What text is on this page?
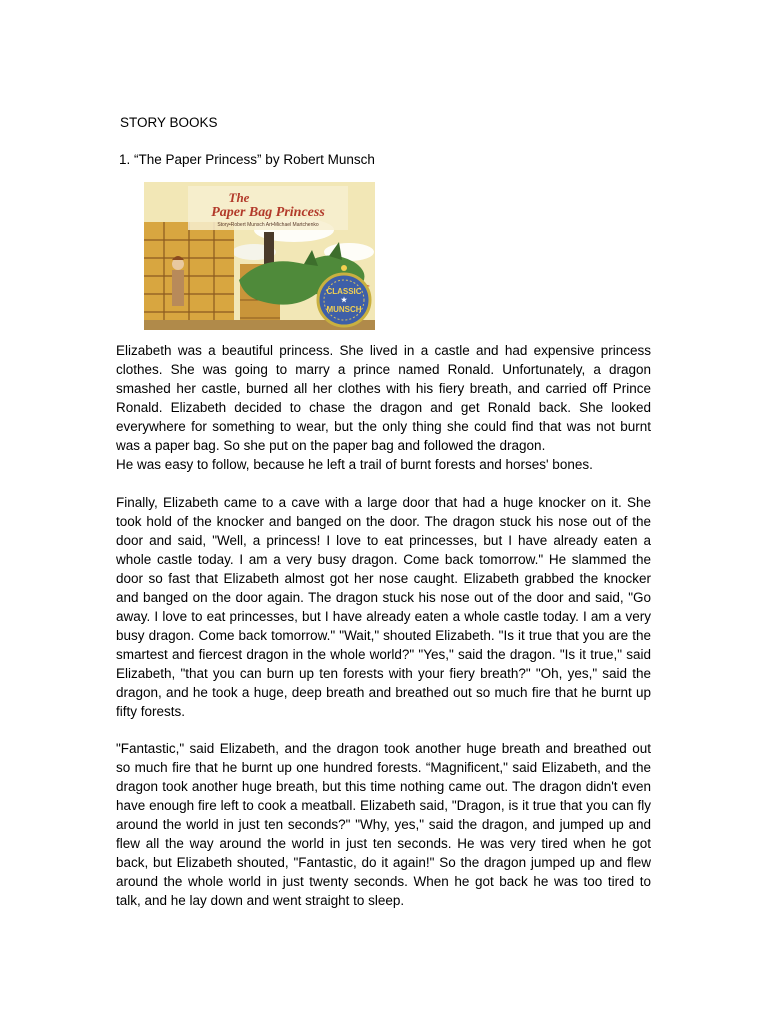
STORY BOOKS

1. “The Paper Princess” by Robert Munsch

CLASSIC
★
MUNSCH
The
Paper Bag Princess
Story•Robert Munsch Art•Michael Martchenko
Elizabeth was a beautiful princess. She lived in a castle and had expensive princess
clothes. She was going to marry a prince named Ronald. Unfortunately, a dragon
smashed her castle, burned all her clothes with his fiery breath, and carried off Prince
Ronald. Elizabeth decided to chase the dragon and get Ronald back. She looked
everywhere for something to wear, but the only thing she could find that was not burnt
was a paper bag. So she put on the paper bag and followed the dragon.
He was easy to follow, because he left a trail of burnt forests and horses' bones.
Finally, Elizabeth came to a cave with a large door that had a huge knocker on it. She
took hold of the knocker and banged on the door. The dragon stuck his nose out of the
door and said, "Well, a princess! I love to eat princesses, but I have already eaten a
whole castle today. I am a very busy dragon. Come back tomorrow." He slammed the
door so fast that Elizabeth almost got her nose caught. Elizabeth grabbed the knocker
and banged on the door again. The dragon stuck his nose out of the door and said, "Go
away. I love to eat princesses, but I have already eaten a whole castle today. I am a very
busy dragon. Come back tomorrow." "Wait," shouted Elizabeth. "Is it true that you are the
smartest and fiercest dragon in the whole world?" "Yes," said the dragon. "Is it true," said
Elizabeth, "that you can burn up ten forests with your fiery breath?" "Oh, yes," said the
dragon, and he took a huge, deep breath and breathed out so much fire that he burnt up
fifty forests.
"Fantastic," said Elizabeth, and the dragon took another huge breath and breathed out
so much fire that he burnt up one hundred forests. “Magnificent," said Elizabeth, and the
dragon took another huge breath, but this time nothing came out. The dragon didn't even
have enough fire left to cook a meatball. Elizabeth said, "Dragon, is it true that you can fly
around the world in just ten seconds?" "Why, yes," said the dragon, and jumped up and
flew all the way around the world in just ten seconds. He was very tired when he got
back, but Elizabeth shouted, "Fantastic, do it again!" So the dragon jumped up and flew
around the whole world in just twenty seconds. When he got back he was too tired to
talk, and he lay down and went straight to sleep.
